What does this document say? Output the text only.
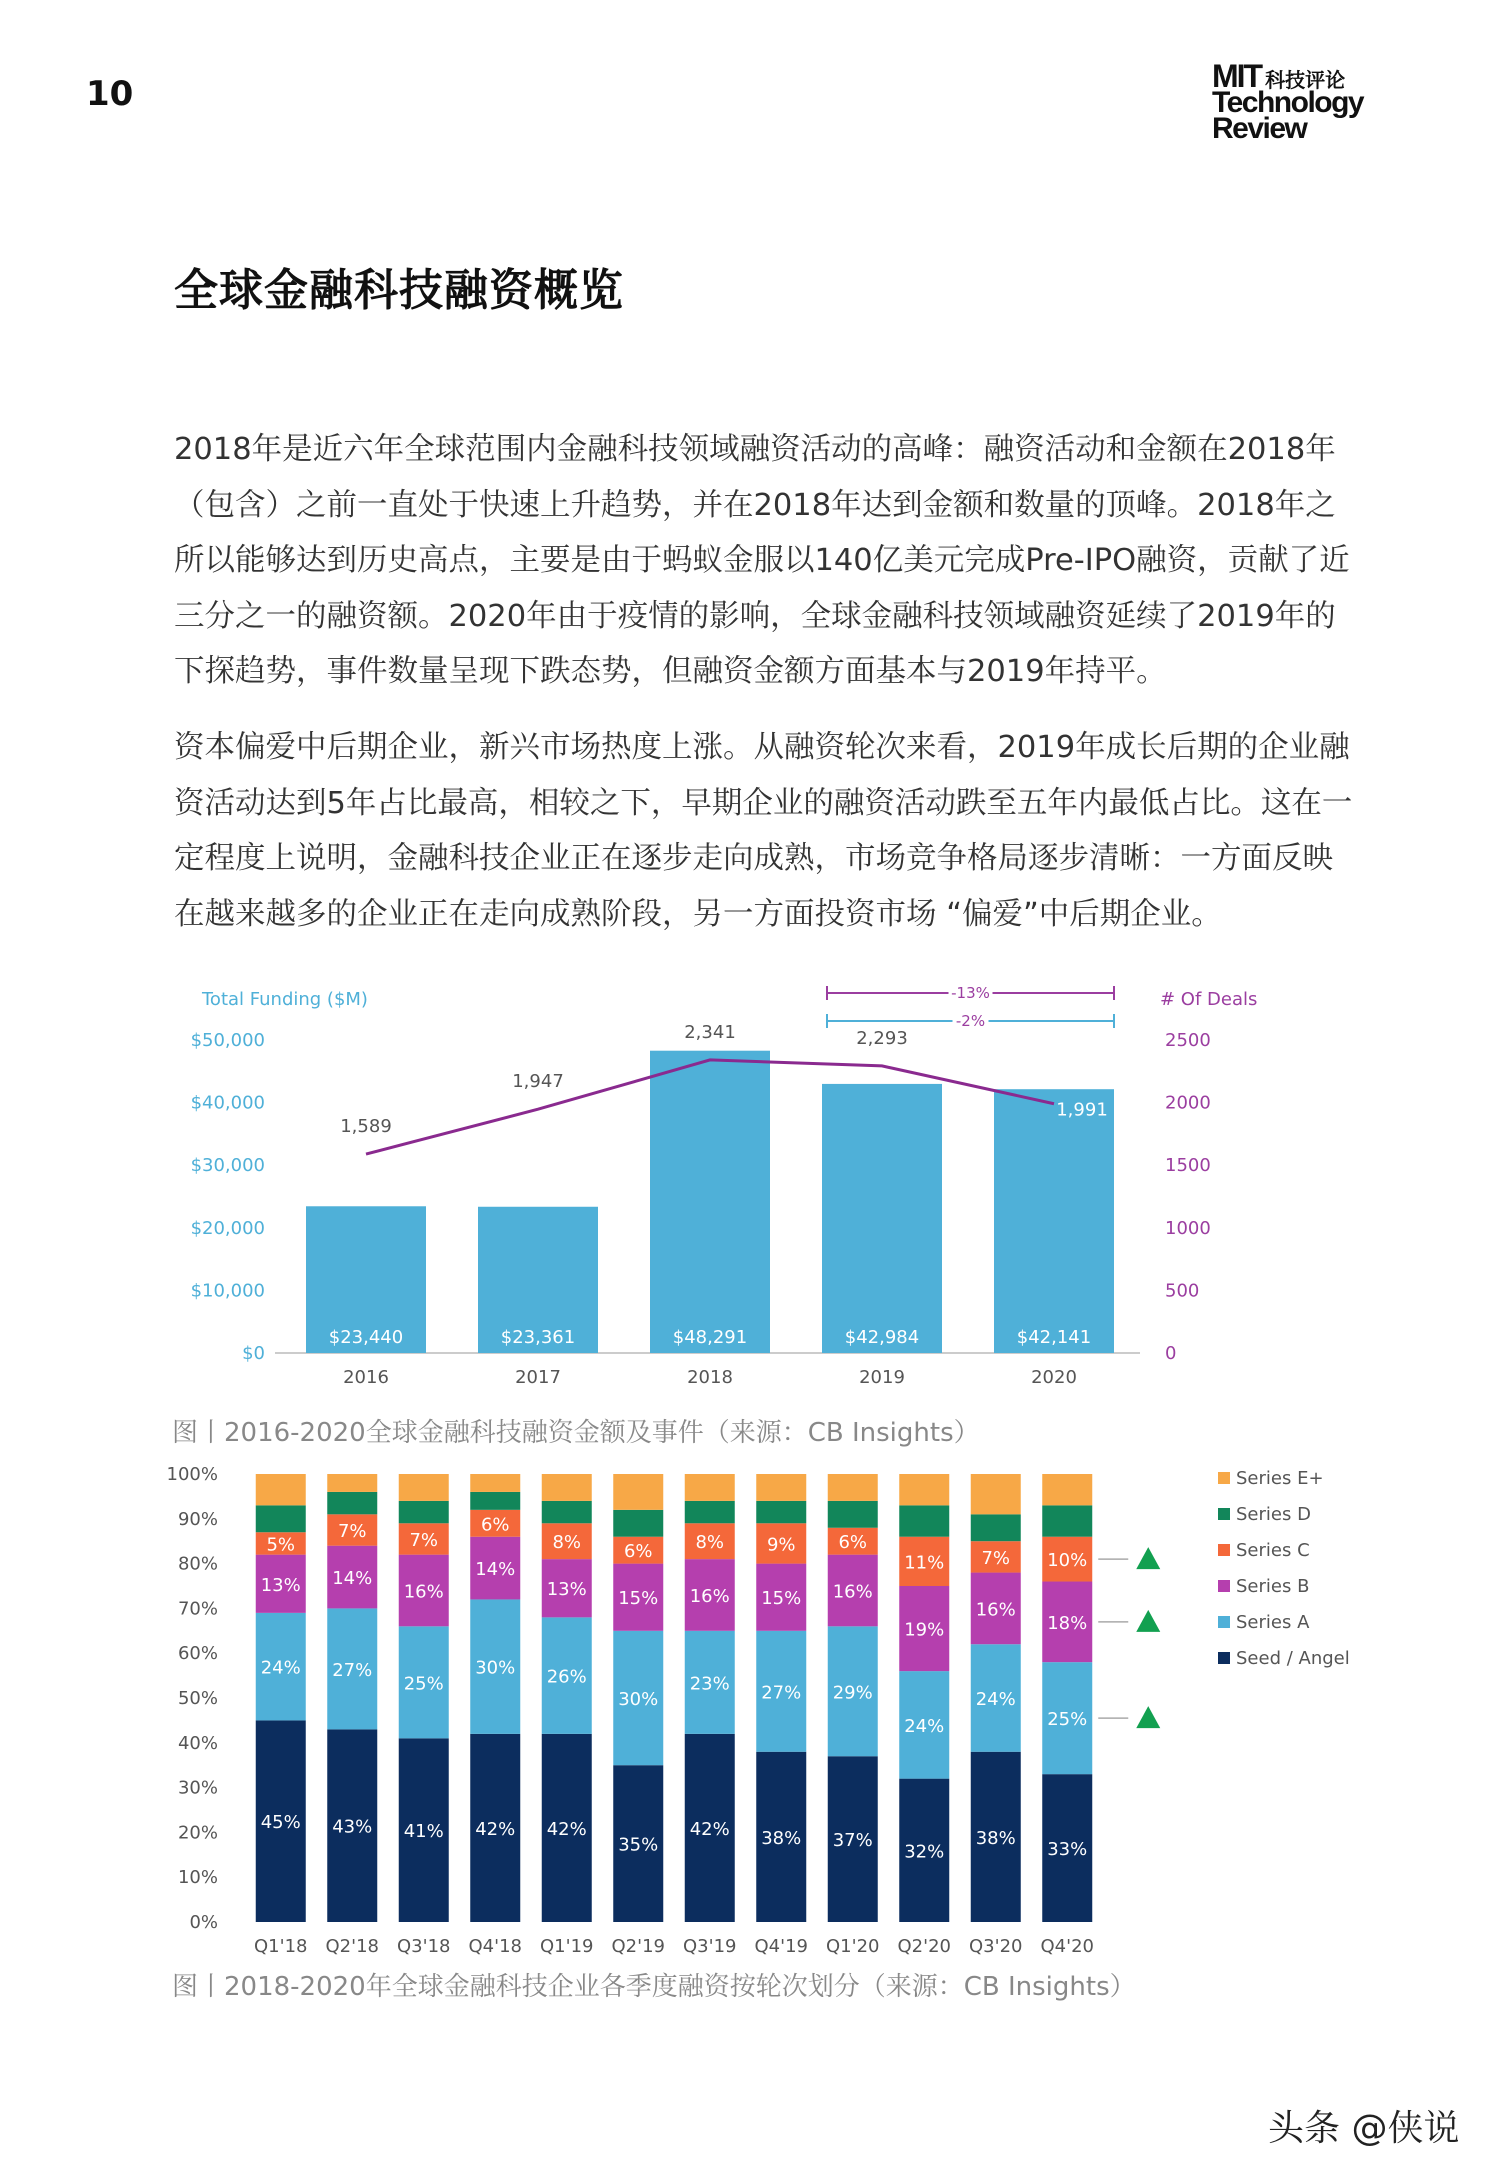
10	MIT 科技评论
Technology
Review
全球金融科技融资概览

2018年是近六年全球范围内金融科技领域融资活动的高峰：融资活动和金额在2018年（包含）之前一直处于快速上升趋势，并在2018年达到金额和数量的顶峰。2018年之所以能够达到历史高点，主要是由于蚂蚁金服以140亿美元完成Pre-IPO融资，贡献了近三分之一的融资额。2020年由于疫情的影响，全球金融科技领域融资延续了2019年的下探趋势，事件数量呈现下跌态势，但融资金额方面基本与2019年持平。

资本偏爱中后期企业，新兴市场热度上涨。从融资轮次来看，2019年成长后期的企业融资活动达到5年占比最高，相较之下，早期企业的融资活动跌至五年内最低占比。这在一定程度上说明，金融科技企业正在逐步走向成熟，市场竞争格局逐步清晰：一方面反映在越来越多的企业正在走向成熟阶段，另一方面投资市场 “偏爱”中后期企业。

Total Funding ($M)	# Of Deals
$0
$10,000
$20,000
$30,000
$40,000
$50,000
0
500
1000
1500
2000
2500
$23,440
2016
$23,361
2017
$48,291
2018
$42,984
2019
$42,141
2020
1,589
1,947
2,341	2,293
1,991
-13%
-2%
图丨2016-2020全球金融科技融资金额及事件（来源：CB Insights）
0%
10%
20%
30%
40%
50%
60%
70%
80%
90%
100%
45%
24%
13%
5%
Q1'18
43%
27%
14%
7%
Q2'18
41%
25%
16%
7%
Q3'18
42%
30%
14%
6%
Q4'18
42%
26%
13%
8%
Q1'19
35%
30%
15%
6%
Q2'19
42%
23%
16%
8%
Q3'19
38%
27%
15%
9%
Q4'19
37%
29%
16%
6%
Q1'20
32%
24%
19%
11%
Q2'20
38%
24%
16%
7%
Q3'20
33%
25%
18%
10%
Q4'20
Series E+
Series D
Series C
Series B
Series A
Seed / Angel
图丨2018-2020年全球金融科技企业各季度融资按轮次划分（来源：CB Insights）
头条 @侠说
